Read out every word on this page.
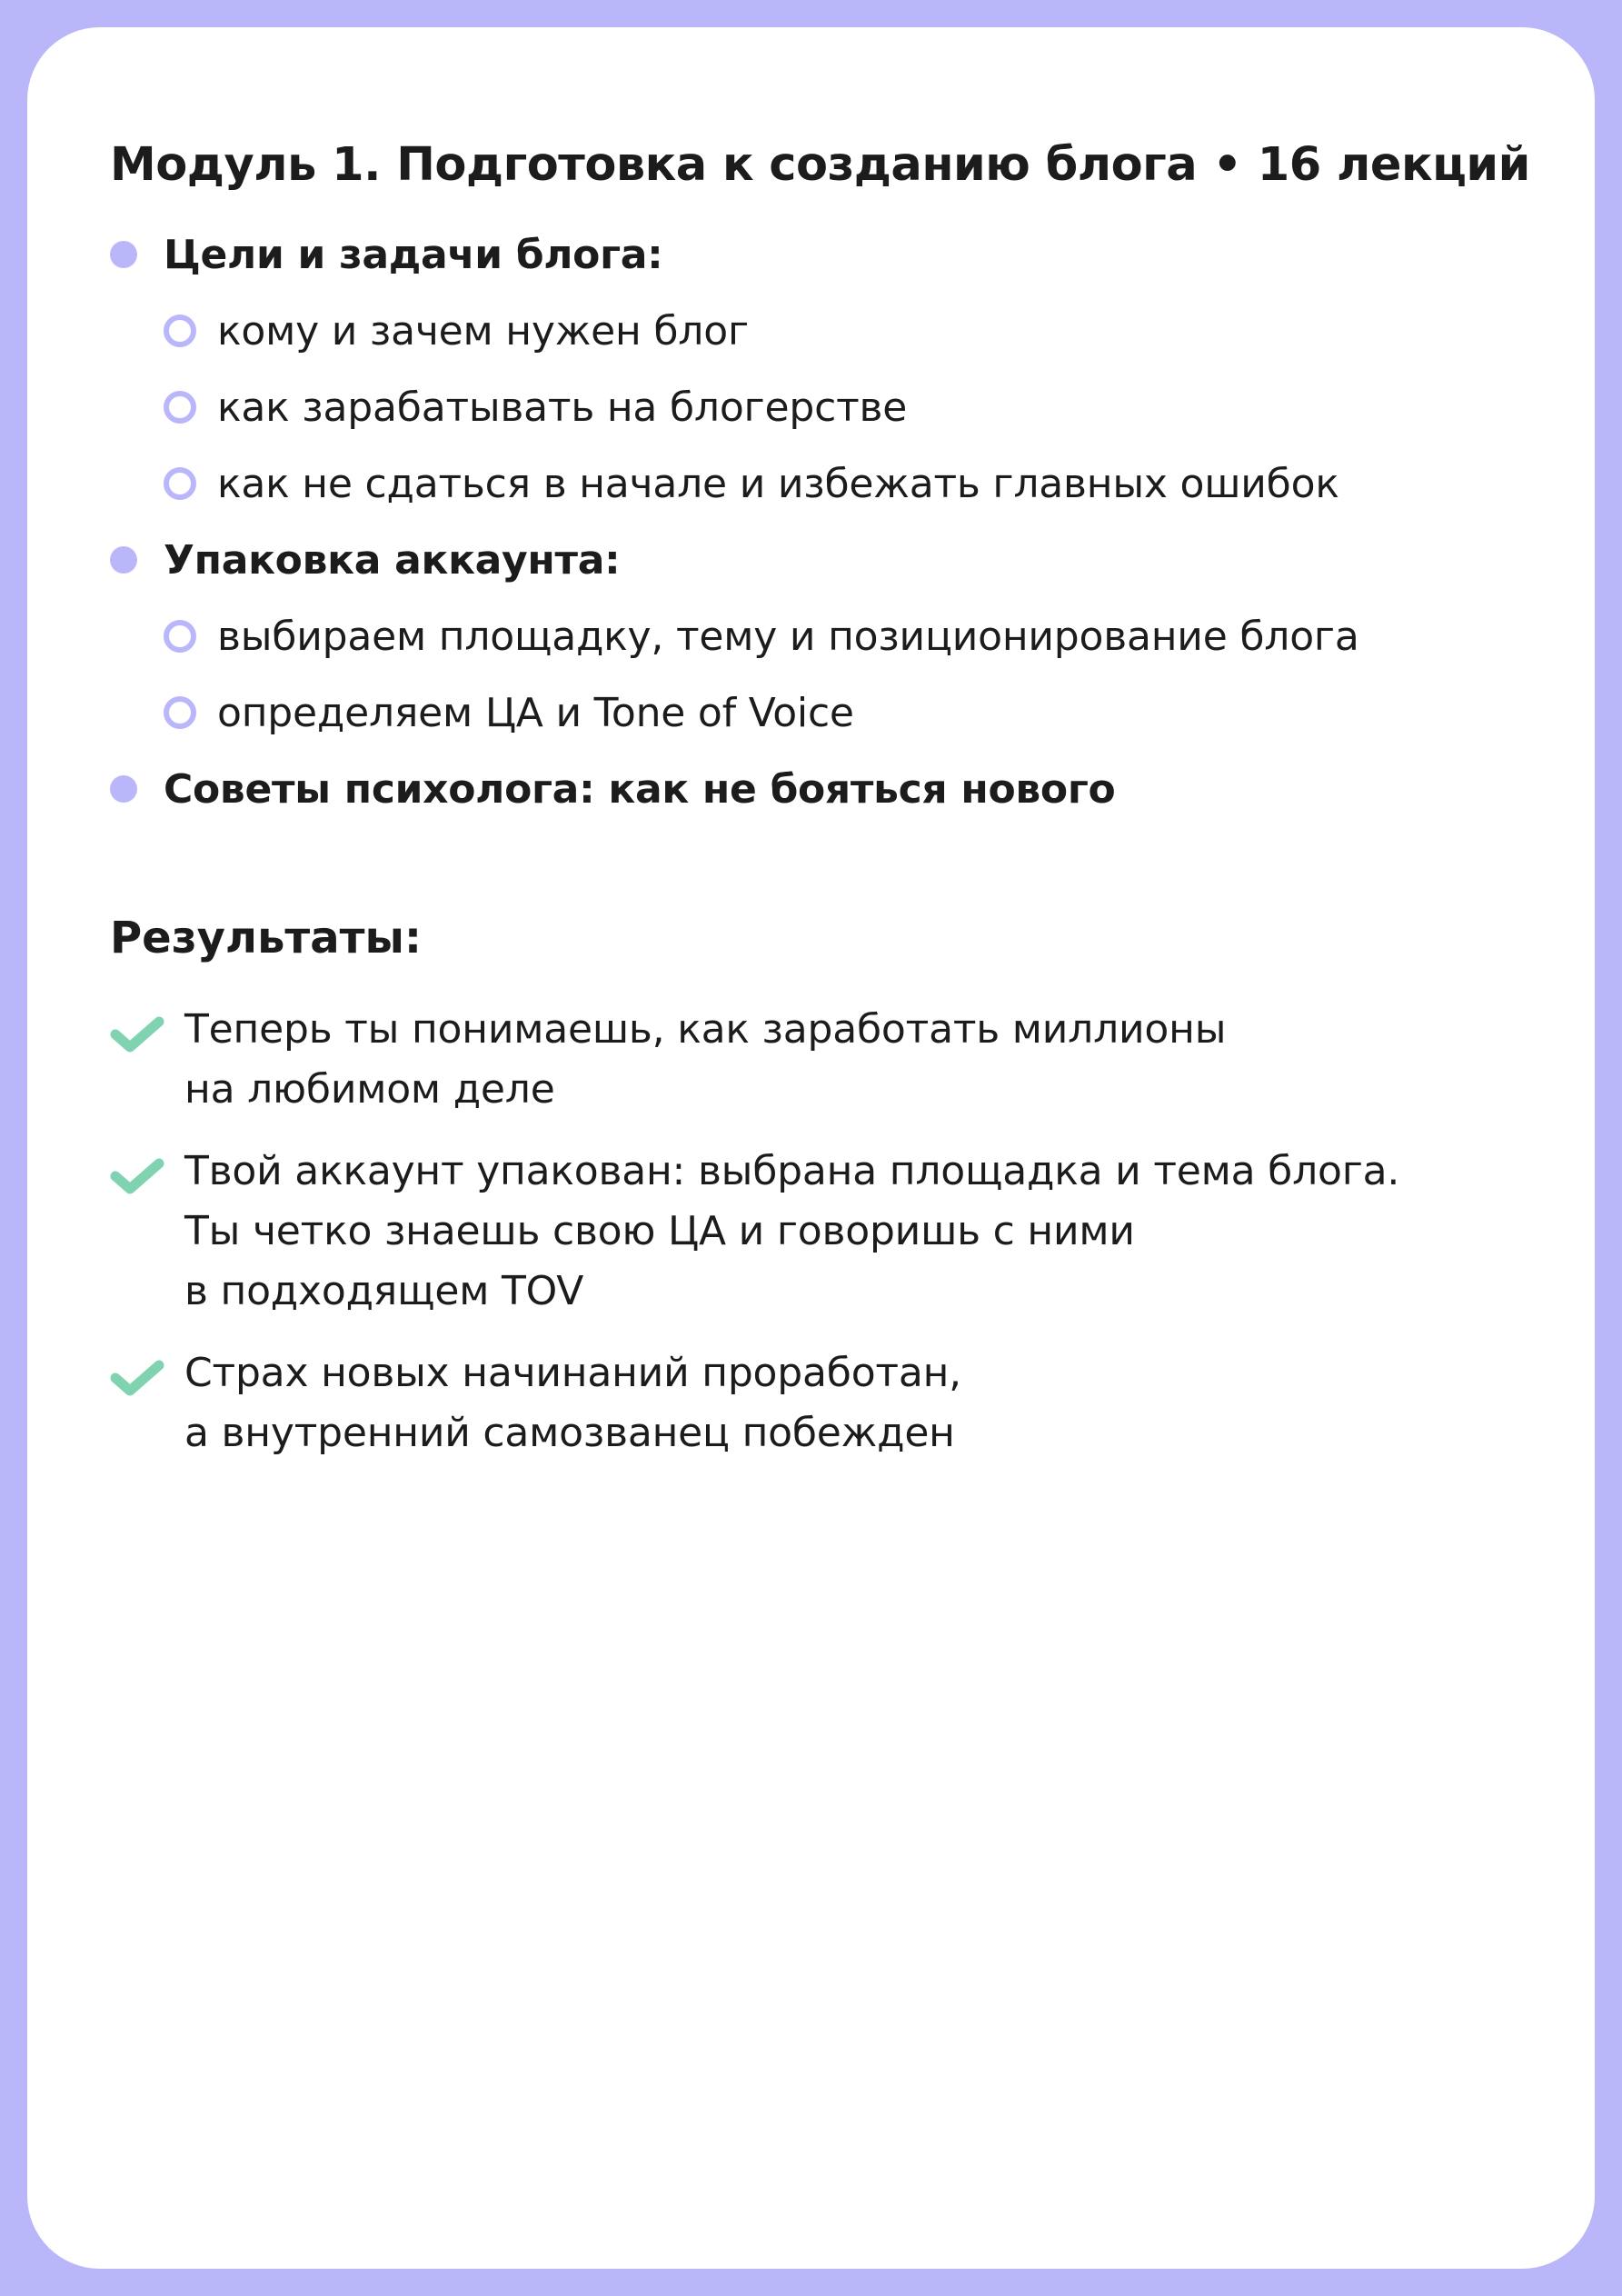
Модуль 1. Подготовка к созданию блога • 16 лекций
Цели и задачи блога:
кому и зачем нужен блог
как зарабатывать на блогерстве
как не сдаться в начале и избежать главных ошибок
Упаковка аккаунта:
выбираем площадку, тему и позиционирование блога
определяем ЦА и Tone of Voice
Советы психолога: как не бояться нового
Результаты:
Теперь ты понимаешь, как заработать миллионы
на любимом деле
Твой аккаунт упакован: выбрана площадка и тема блога.
Ты четко знаешь свою ЦА и говоришь с ними
в подходящем TOV
Страх новых начинаний проработан,
а внутренний самозванец побежден
